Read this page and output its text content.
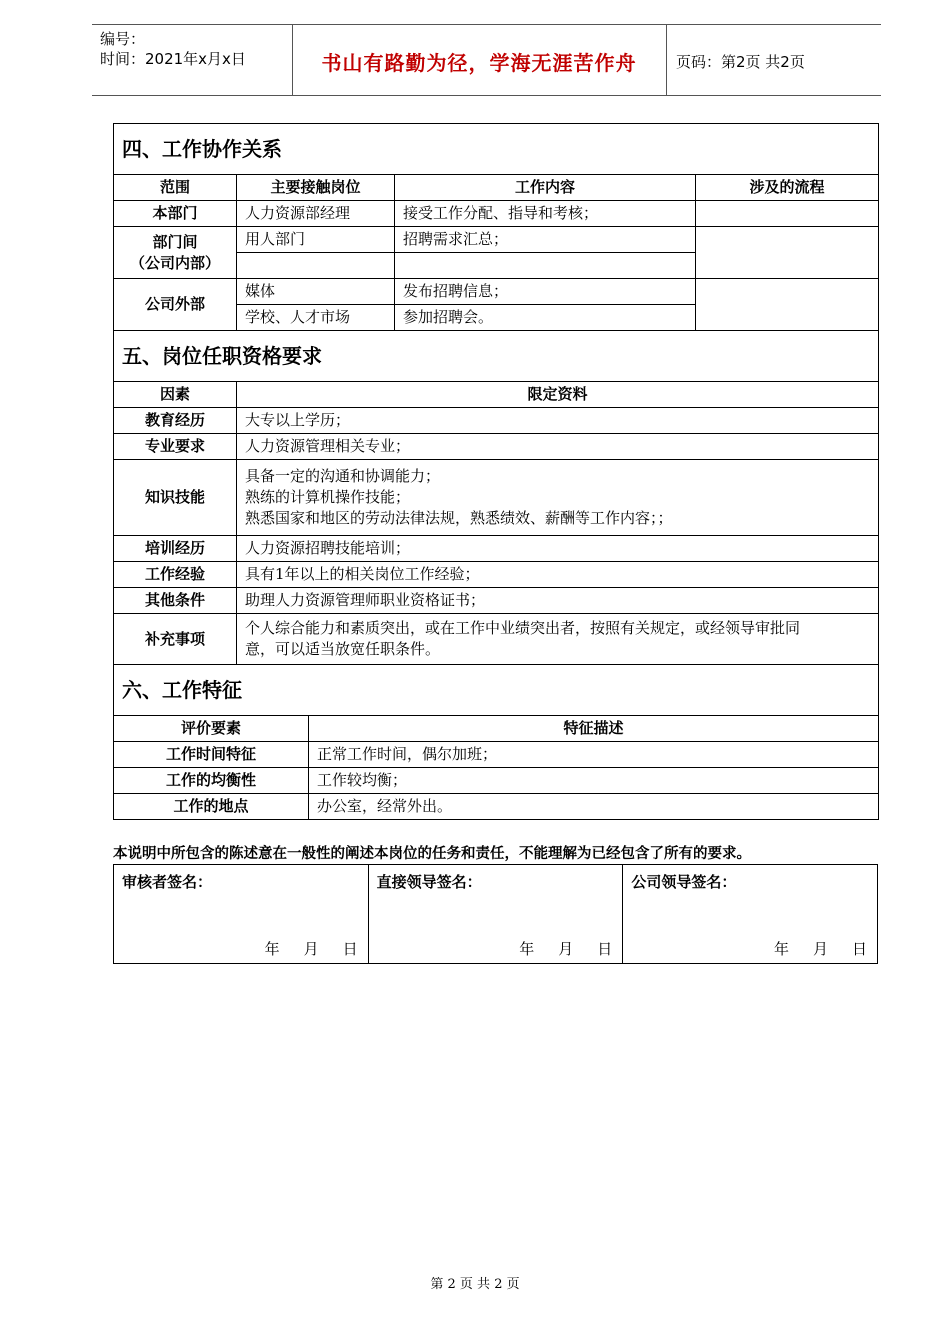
编号：
时间：2021年x月x日	书山有路勤为径，学海无涯苦作舟	页码：第2页 共2页
四、工作协作关系				
范围	主要接触岗位		工作内容	涉及的流程
本部门	人力资源部经理		接受工作分配、指导和考核；	

部门间
（公司内部）	用人部门		招聘需求汇总；	

公司外部	媒体		发布招聘信息；	
	学校、人才市场		参加招聘会。	
五、岗位任职资格要求				
因素	限定资料			
教育经历	大专以上学历；			
专业要求	人力资源管理相关专业；			
知识技能	具备一定的沟通和协调能力；
熟练的计算机操作技能；
熟悉国家和地区的劳动法律法规，熟悉绩效、薪酬等工作内容；；			

培训经历	人力资源招聘技能培训；			
工作经验	具有1年以上的相关岗位工作经验；			
其他条件	助理人力资源管理师职业资格证书；			
补充事项	个人综合能力和素质突出，或在工作中业绩突出者，按照有关规定，或经领导审批同
意，可以适当放宽任职条件。			

六、工作特征				
评价要素		特征描述		
工作时间特征		正常工作时间，偶尔加班；		
工作的均衡性		工作较均衡；		
工作的地点		办公室，经常外出。		
本说明中所包含的陈述意在一般性的阐述本岗位的任务和责任，不能理解为已经包含了所有的要求。
审核者签名：
年 月 日

直接领导签名：
年 月 日

公司领导签名：
年 月 日
第 2 页 共 2 页
